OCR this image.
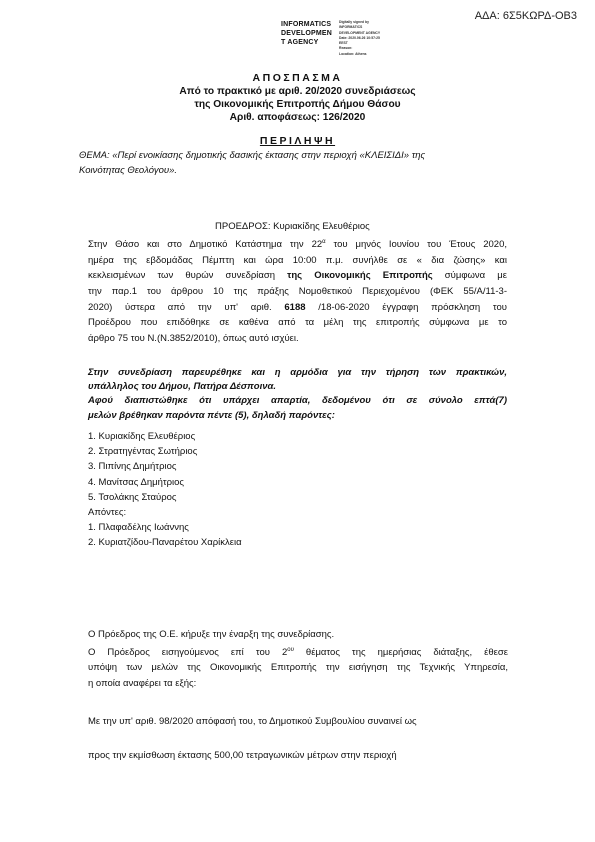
ΑΔΑ: 6Σ5ΚΩΡΔ-ΟΒ3
INFORMATICS
DEVELOPMEN
T AGENCY
Digitally signed by
INFORMATICS
DEVELOPMENT AGENCY
Date: 2020.06.26 10:57:25
EEST
Reason:
Location: Athens
ΑΠΟΣΠΑΣΜΑ
Από το πρακτικό με αριθ. 20/2020 συνεδριάσεως
της Οικονομικής Επιτροπής Δήμου Θάσου
Αριθ. αποφάσεως: 126/2020
ΠΕΡΙΛΗΨΗ
ΘΕΜΑ: «Περί ενοικίασης δημοτικής δασικής έκτασης στην περιοχή «ΚΛΕΙΣΙΔΙ» της
Κοινότητας Θεολόγου».
ΠΡΟΕΔΡΟΣ: Κυριακίδης Ελευθέριος
Στην Θάσο και στο Δημοτικό Κατάστημα την $22^\alpha$ του μηνός Ιουνίου του Έτους 2020,
ημέρα της εβδομάδας Πέμπτη και ώρα 10:00 π.μ. συνήλθε σε « δια ζώσης» και
κεκλεισμένων των θυρών συνεδρίαση της Οικονομικής Επιτροπής σύμφωνα με
την παρ.1 του άρθρου 10 της πράξης Νομοθετικού Περιεχομένου (ΦΕΚ 55/Α/11-3-
2020) ύστερα από την υπ' αριθ. 6188 /18-06-2020 έγγραφη πρόσκληση του
Προέδρου που επιδόθηκε σε καθένα από τα μέλη της επιτροπής σύμφωνα με το
άρθρο 75 του Ν.(Ν.3852/2010), όπως αυτό ισχύει.
Στην συνεδρίαση παρευρέθηκε και η αρμόδια για την τήρηση των πρακτικών,
υπάλληλος του Δήμου, Πατήρα Δέσποινα.
Αφού διαπιστώθηκε ότι υπάρχει απαρτία, δεδομένου ότι σε σύνολο επτά(7)
μελών βρέθηκαν παρόντα πέντε (5), δηλαδή παρόντες:
1. Κυριακίδης Ελευθέριος
2. Στρατηγέντας Σωτήριος
3. Πιπίνης Δημήτριος
4. Μανίτσας Δημήτριος
5. Τσολάκης Σταύρος
Απόντες:
1. Πλαφαδέλης Ιωάννης
2. Κυριατζίδου-Παναρέτου Χαρίκλεια
Ο Πρόεδρος της Ο.Ε. κήρυξε την έναρξη της συνεδρίασης.
Ο Πρόεδρος εισηγούμενος επί του $2^{o\upsilon}$ θέματος της ημερήσιας διάταξης, έθεσε
υπόψη των μελών της Οικονομικής Επιτροπής την εισήγηση της Τεχνικής Υπηρεσία,
η οποία αναφέρει τα εξής:
Με την υπ' αριθ. 98/2020 απόφασή του, το Δημοτικού Συμβουλίου συναινεί ως
προς την εκμίσθωση έκτασης 500,00 τετραγωνικών μέτρων στην περιοχή
